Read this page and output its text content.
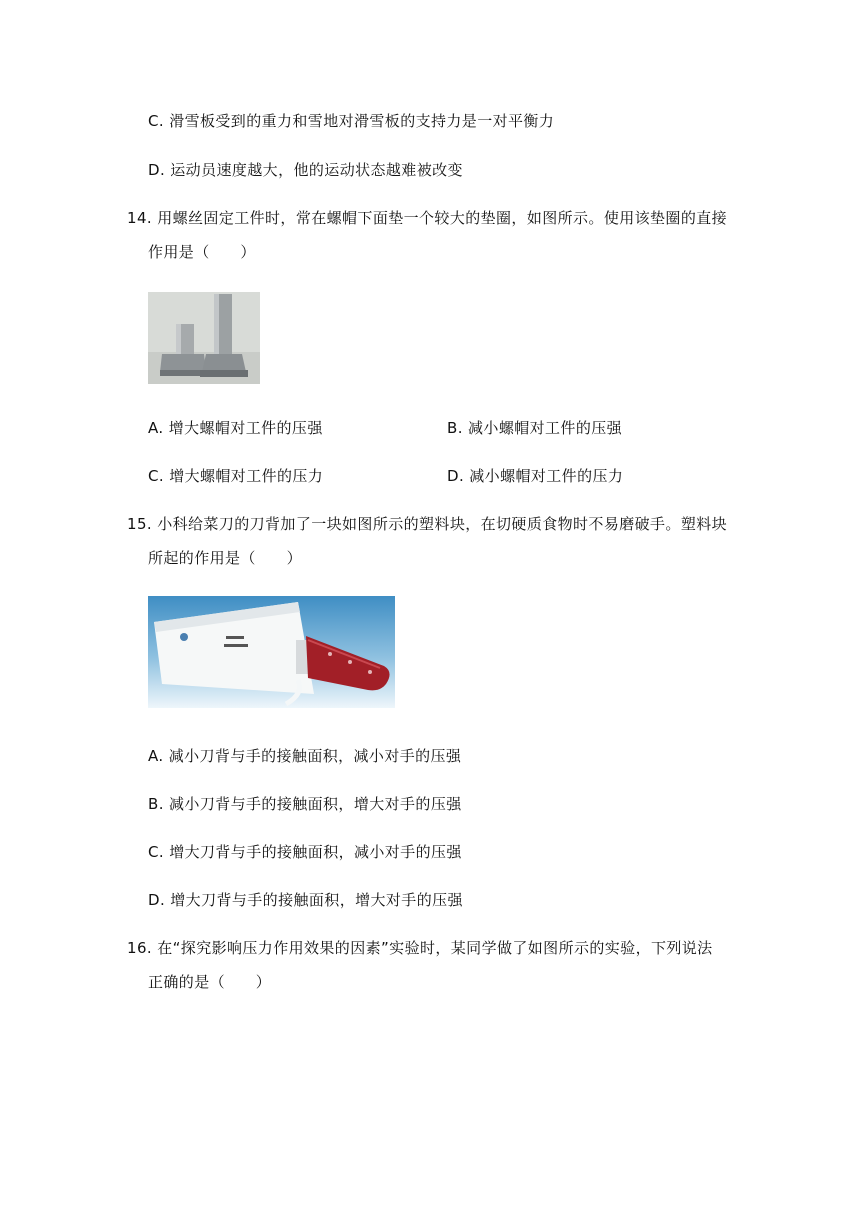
C. 滑雪板受到的重力和雪地对滑雪板的支持力是一对平衡力
D. 运动员速度越大，他的运动状态越难被改变
14. 用螺丝固定工件时，常在螺帽下面垫一个较大的垫圈，如图所示。使用该垫圈的直接
作用是（　　）
A. 增大螺帽对工件的压强	B. 减小螺帽对工件的压强
C. 增大螺帽对工件的压力	D. 减小螺帽对工件的压力
15. 小科给菜刀的刀背加了一块如图所示的塑料块，在切硬质食物时不易磨破手。塑料块
所起的作用是（　　）
A. 减小刀背与手的接触面积，减小对手的压强
B. 减小刀背与手的接触面积，增大对手的压强
C. 增大刀背与手的接触面积，减小对手的压强
D. 增大刀背与手的接触面积，增大对手的压强
16. 在“探究影响压力作用效果的因素”实验时，某同学做了如图所示的实验，下列说法
正确的是（　　）
